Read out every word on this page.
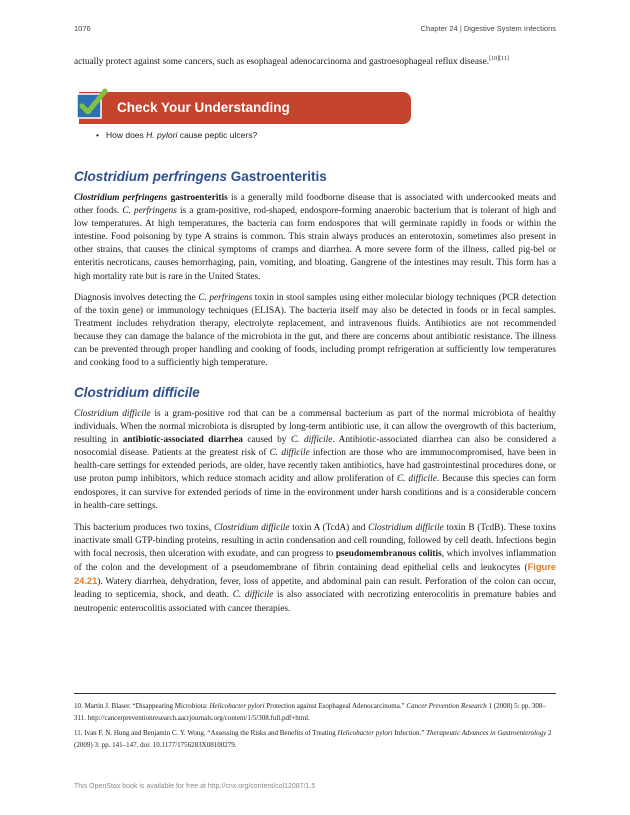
1076	Chapter 24 | Digestive System Infections

actually protect against some cancers, such as esophageal adenocarcinoma and gastroesophageal reflux disease.[10][11]

Check Your Understanding
• How does H. pylori cause peptic ulcers?
Clostridium perfringens Gastroenteritis

Clostridium perfringens gastroenteritis is a generally mild foodborne disease that is associated with undercooked meats and other foods. C. perfringens is a gram-positive, rod-shaped, endospore-forming anaerobic bacterium that is tolerant of high and low temperatures. At high temperatures, the bacteria can form endospores that will germinate rapidly in foods or within the intestine. Food poisoning by type A strains is common. This strain always produces an enterotoxin, sometimes also present in other strains, that causes the clinical symptoms of cramps and diarrhea. A more severe form of the illness, called pig-bel or enteritis necroticans, causes hemorrhaging, pain, vomiting, and bloating. Gangrene of the intestines may result. This form has a high mortality rate but is rare in the United States.

Diagnosis involves detecting the C. perfringens toxin in stool samples using either molecular biology techniques (PCR detection of the toxin gene) or immunology techniques (ELISA). The bacteria itself may also be detected in foods or in fecal samples. Treatment includes rehydration therapy, electrolyte replacement, and intravenous fluids. Antibiotics are not recommended because they can damage the balance of the microbiota in the gut, and there are concerns about antibiotic resistance. The illness can be prevented through proper handling and cooking of foods, including prompt refrigeration at sufficiently low temperatures and cooking food to a sufficiently high temperature.

Clostridium difficile

Clostridium difficile is a gram-positive rod that can be a commensal bacterium as part of the normal microbiota of healthy individuals. When the normal microbiota is disrupted by long-term antibiotic use, it can allow the overgrowth of this bacterium, resulting in antibiotic-associated diarrhea caused by C. difficile. Antibiotic-associated diarrhea can also be considered a nosocomial disease. Patients at the greatest risk of C. difficile infection are those who are immunocompromised, have been in health-care settings for extended periods, are older, have recently taken antibiotics, have had gastrointestinal procedures done, or use proton pump inhibitors, which reduce stomach acidity and allow proliferation of C. difficile. Because this species can form endospores, it can survive for extended periods of time in the environment under harsh conditions and is a considerable concern in health-care settings.

This bacterium produces two toxins, Clostridium difficile toxin A (TcdA) and Clostridium difficile toxin B (TcdB). These toxins inactivate small GTP-binding proteins, resulting in actin condensation and cell rounding, followed by cell death. Infections begin with focal necrosis, then ulceration with exudate, and can progress to pseudomembranous colitis, which involves inflammation of the colon and the development of a pseudomembrane of fibrin containing dead epithelial cells and leukocytes (Figure 24.21). Watery diarrhea, dehydration, fever, loss of appetite, and abdominal pain can result. Perforation of the colon can occur, leading to septicemia, shock, and death. C. difficile is also associated with necrotizing enterocolitis in premature babies and neutropenic enterocolitis associated with cancer therapies.

10. Martin J. Blaser. “Disappearing Microbiota: Helicobacter pylori Protection against Esophageal Adenocarcinoma.” Cancer Prevention Research 1 (2008) 5: pp. 308–311. http://cancerpreventionresearch.aacrjournals.org/content/1/5/308.full.pdf+html.

11. Ivan F. N. Hung and Benjamin C. Y. Wong. “Assessing the Risks and Benefits of Treating Helicobacter pylori Infection.” Therapeutic Advances in Gastroenterology 2 (2009) 3: pp. 141–147. doi: 10.1177/1756283X08100279.

This OpenStax book is available for free at http://cnx.org/content/col12087/1.5
